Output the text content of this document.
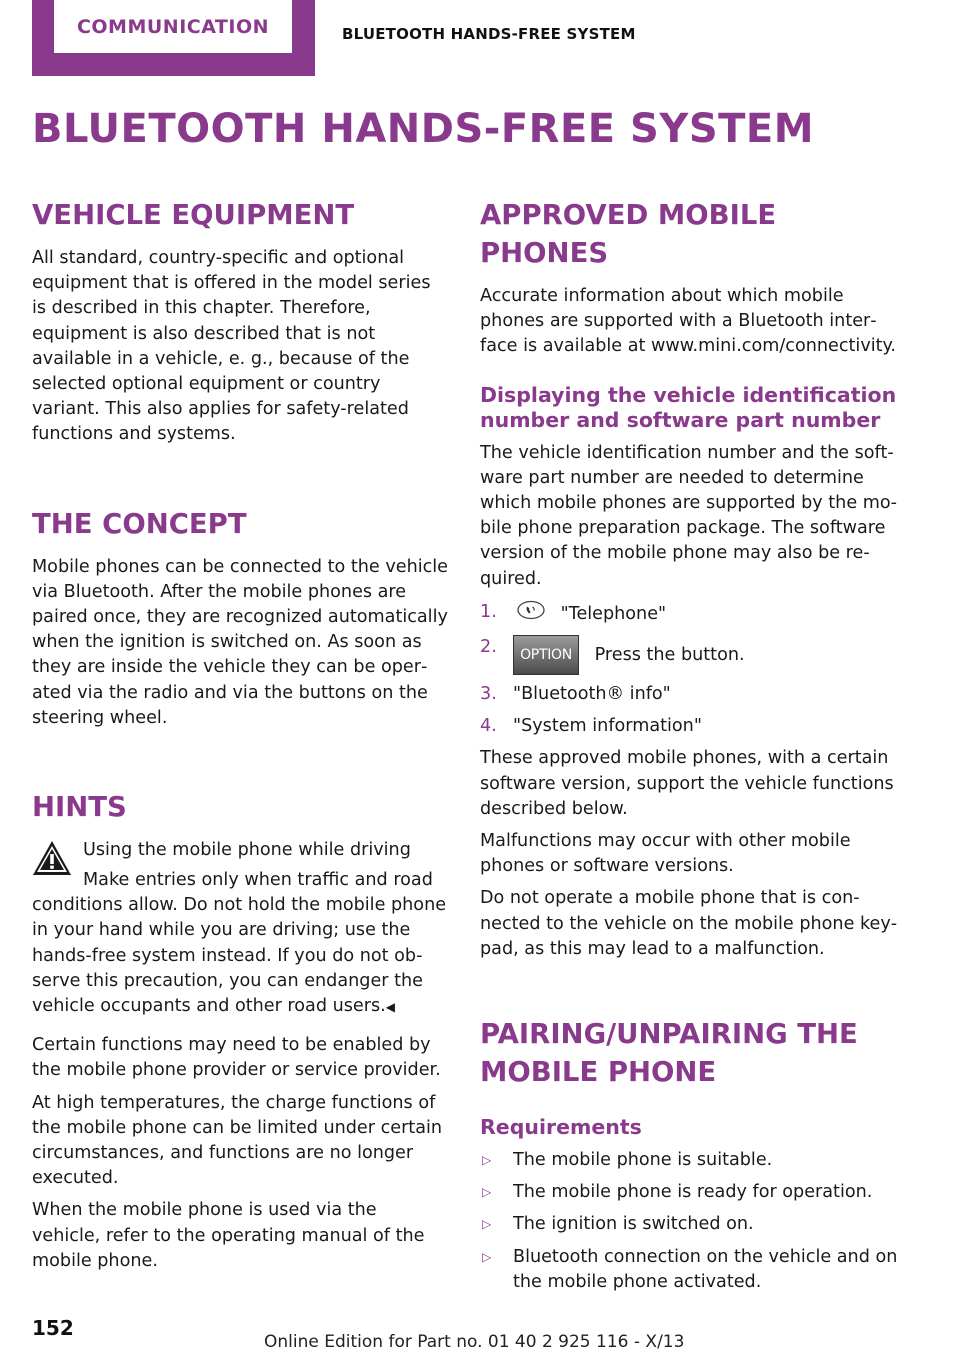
COMMUNICATION	BLUETOOTH HANDS-FREE SYSTEM
BLUETOOTH HANDS-FREE SYSTEM
VEHICLE EQUIPMENT

All standard, country-specific and optional equipment that is offered in the model series is described in this chapter. Therefore, equipment is also described that is not available in a vehicle, e. g., because of the selected optional equipment or country variant. This also applies for safety-related functions and systems.

THE CONCEPT

Mobile phones can be connected to the vehicle via Bluetooth. After the mobile phones are paired once, they are recognized automatically when the ignition is switched on. As soon as they are inside the vehicle they can be operated via the radio and via the buttons on the steering wheel.

HINTS
Using the mobile phone while driving

Make entries only when traffic and road conditions allow. Do not hold the mobile phone in your hand while you are driving; use the hands-free system instead. If you do not observe this precaution, you can endanger the vehicle occupants and other road users.◀

Certain functions may need to be enabled by the mobile phone provider or service provider.

At high temperatures, the charge functions of the mobile phone can be limited under certain circumstances, and functions are no longer executed.

When the mobile phone is used via the vehicle, refer to the operating manual of the mobile phone.

APPROVED MOBILE PHONES

Accurate information about which mobile phones are supported with a Bluetooth interface is available at www.mini.com/connectivity.

Displaying the vehicle identification number and software part number

The vehicle identification number and the software part number are needed to determine which mobile phones are supported by the mobile phone preparation package. The software version of the mobile phone may also be required.

1.	"Telephone"
2. OPTION Press the button.
3. "Bluetooth® info"
4. "System information"

These approved mobile phones, with a certain software version, support the vehicle functions described below.

Malfunctions may occur with other mobile phones or software versions.

Do not operate a mobile phone that is connected to the vehicle on the mobile phone keypad, as this may lead to a malfunction.

PAIRING/UNPAIRING THE MOBILE PHONE
Requirements
▷ The mobile phone is suitable.
▷ The mobile phone is ready for operation.
▷ The ignition is switched on.
▷ Bluetooth connection on the vehicle and on the mobile phone activated.
152
Online Edition for Part no. 01 40 2 925 116 - X/13
